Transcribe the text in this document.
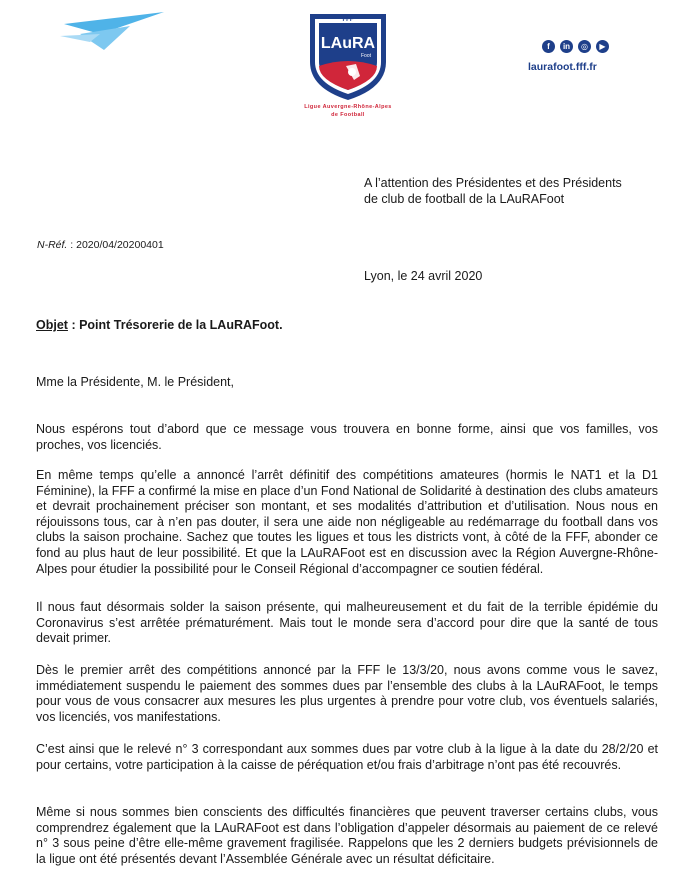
FFF
LAuRA
Foot
Ligue Auvergne-Rhône-Alpes
de Football
f	in	◎	▶
laurafoot.fff.fr
A l’attention des Présidentes et des Présidents
de club de football de la LAuRAFoot
N-Réf. : 2020/04/20200401
Lyon, le 24 avril 2020
Objet : Point Trésorerie de la LAuRAFoot.
Mme la Présidente, M. le Président,
Nous espérons tout d’abord que ce message vous trouvera en bonne forme, ainsi que vos familles, vos proches, vos licenciés.
En même temps qu’elle a annoncé l’arrêt définitif des compétitions amateures (hormis le NAT1 et la D1 Féminine), la FFF a confirmé la mise en place d’un Fond National de Solidarité à destination des clubs amateurs et devrait prochainement préciser son montant, et ses modalités d’attribution et d’utilisation. Nous nous en réjouissons tous, car à n’en pas douter, il sera une aide non négligeable au redémarrage du football dans vos clubs la saison prochaine. Sachez que toutes les ligues et tous les districts vont, à côté de la FFF, abonder ce fond au plus haut de leur possibilité. Et que la LAuRAFoot est en discussion avec la Région Auvergne-Rhône-Alpes pour étudier la possibilité pour le Conseil Régional d’accompagner ce soutien fédéral.
Il nous faut désormais solder la saison présente, qui malheureusement et du fait de la terrible épidémie du Coronavirus s’est arrêtée prématurément. Mais tout le monde sera d’accord pour dire que la santé de tous devait primer.
Dès le premier arrêt des compétitions annoncé par la FFF le 13/3/20, nous avons comme vous le savez, immédiatement suspendu le paiement des sommes dues par l’ensemble des clubs à la LAuRAFoot, le temps pour vous de vous consacrer aux mesures les plus urgentes à prendre pour votre club, vos éventuels salariés, vos licenciés, vos manifestations.
C’est ainsi que le relevé n° 3 correspondant aux sommes dues par votre club à la ligue à la date du 28/2/20 et pour certains, votre participation à la caisse de péréquation et/ou frais d’arbitrage n’ont pas été recouvrés.
Même si nous sommes bien conscients des difficultés financières que peuvent traverser certains clubs, vous comprendrez également que la LAuRAFoot est dans l’obligation d’appeler désormais au paiement de ce relevé n° 3 sous peine d’être elle-même gravement fragilisée. Rappelons que les 2 derniers budgets prévisionnels de la ligue ont été présentés devant l’Assemblée Générale avec un résultat déficitaire.
